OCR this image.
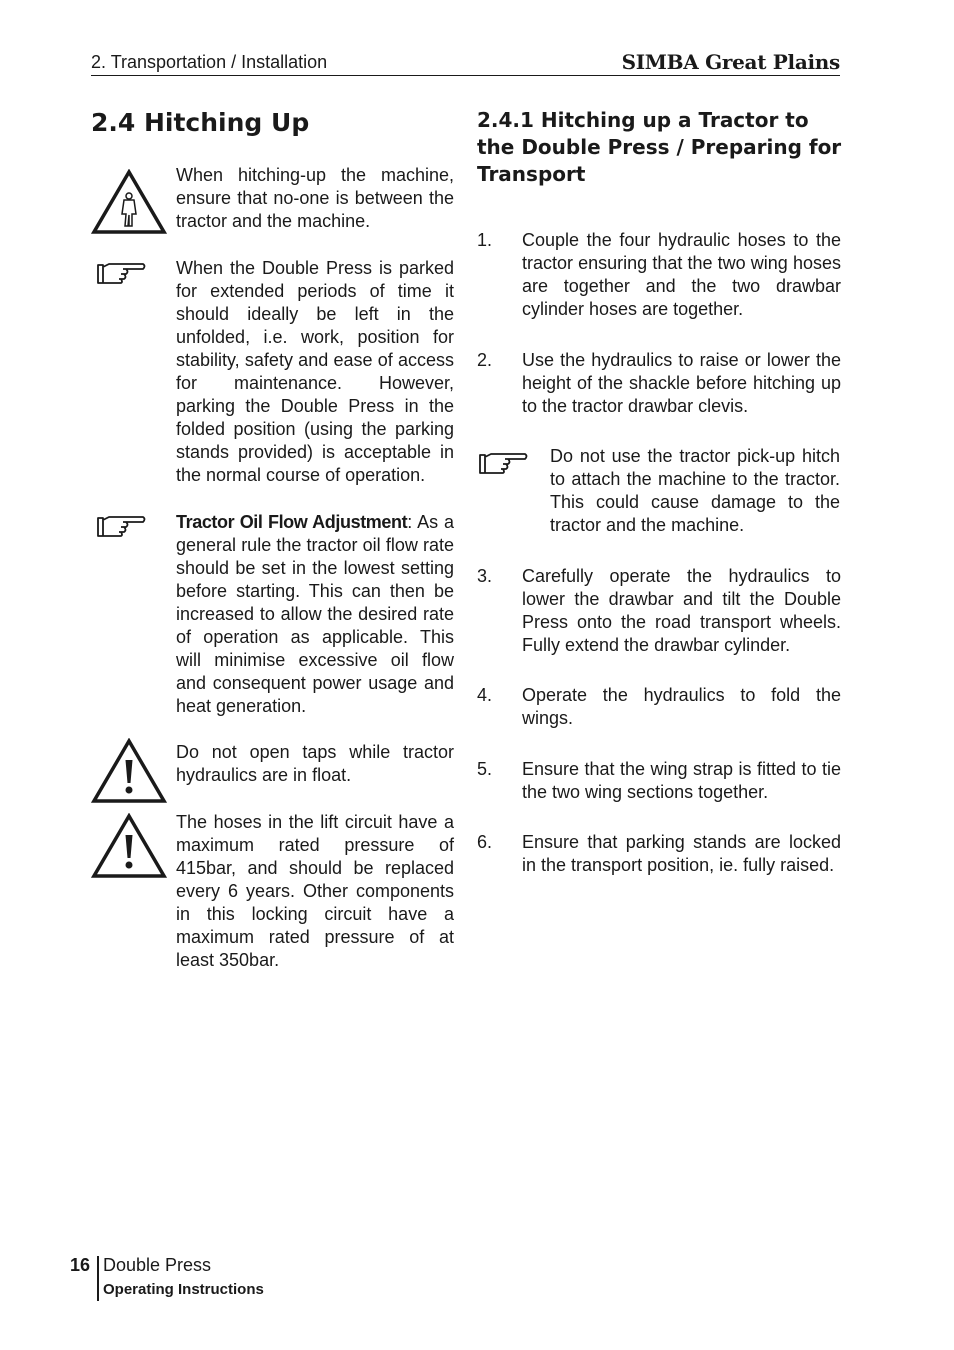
2. Transportation / Installation	SIMBA Great Plains
2.4 Hitching Up

When hitching-up the machine, ensure that no-one is between the tractor and the machine.

When the Double Press is parked for extended periods of time it should ideally be left in the unfolded, i.e. work, position for stability, safety and ease of access for maintenance. However, parking the Double Press in the folded position (using the parking stands provided) is acceptable in the normal course of operation.

Tractor Oil Flow Adjustment: As a general rule the tractor oil flow rate should be set in the lowest setting before starting. This can then be increased to allow the desired rate of operation as applicable. This will minimise excessive oil flow and consequent power usage and heat generation.

Do not open taps while tractor hydraulics are in float.

The hoses in the lift circuit have a maximum rated pressure of 415bar, and should be replaced every 6 years. Other components in this locking circuit have a maximum rated pressure of at least 350bar.

2.4.1 Hitching up a Tractor to the Double Press / Preparing for Transport
1. Couple the four hydraulic hoses to the tractor ensuring that the two wing hoses are together and the two drawbar cylinder hoses are together.
2. Use the hydraulics to raise or lower the height of the shackle before hitching up to the tractor drawbar clevis.
3. Carefully operate the hydraulics to lower the drawbar and tilt the Double Press onto the road transport wheels. Fully extend the drawbar cylinder.
4. Operate the hydraulics to fold the wings.
5. Ensure that the wing strap is fitted to tie the two wing sections together.
6. Ensure that parking stands are locked in the transport position, ie. fully raised.

Do not use the tractor pick-up hitch to attach the machine to the tractor. This could cause damage to the tractor and the machine.

16 Double Press
Operating Instructions
